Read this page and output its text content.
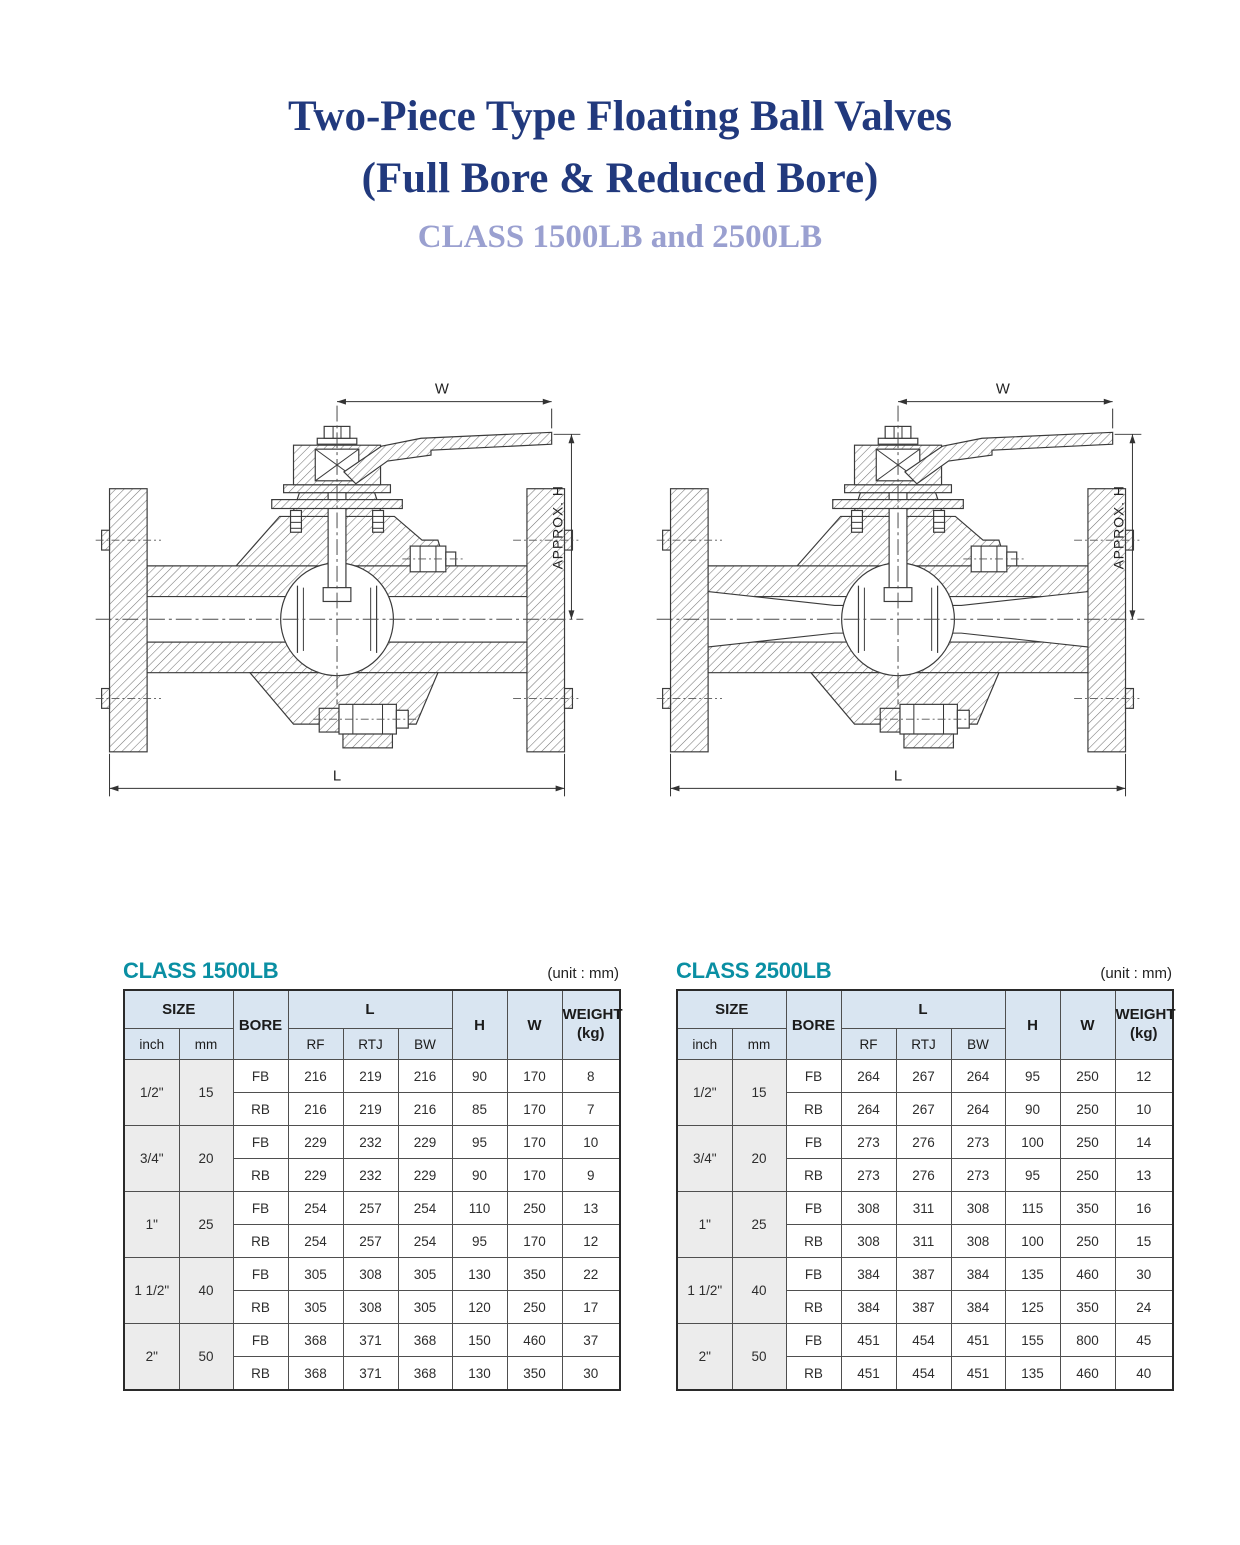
Two-Piece Type Floating Ball Valves
(Full Bore & Reduced Bore)
CLASS 1500LB and 2500LB
W
APPROX. H
L
W
APPROX. H
L
CLASS 1500LB	(unit : mm)
SIZE		BORE	L			H	W	WEIGHT
(kg)

inch	mm		RF	RTJ	BW			
1/2"	15	FB	216	219	216	90	170	8
		RB	216	219	216	85	170	7
3/4"	20	FB	229	232	229	95	170	10
		RB	229	232	229	90	170	9
1"	25	FB	254	257	254	110	250	13
		RB	254	257	254	95	170	12
1 1/2"	40	FB	305	308	305	130	350	22
		RB	305	308	305	120	250	17
2"	50	FB	368	371	368	150	460	37
		RB	368	371	368	130	350	30
CLASS 2500LB	(unit : mm)
SIZE		BORE	L			H	W	WEIGHT
(kg)

inch	mm		RF	RTJ	BW			
1/2"	15	FB	264	267	264	95	250	12
		RB	264	267	264	90	250	10
3/4"	20	FB	273	276	273	100	250	14
		RB	273	276	273	95	250	13
1"	25	FB	308	311	308	115	350	16
		RB	308	311	308	100	250	15
1 1/2"	40	FB	384	387	384	135	460	30
		RB	384	387	384	125	350	24
2"	50	FB	451	454	451	155	800	45
		RB	451	454	451	135	460	40
